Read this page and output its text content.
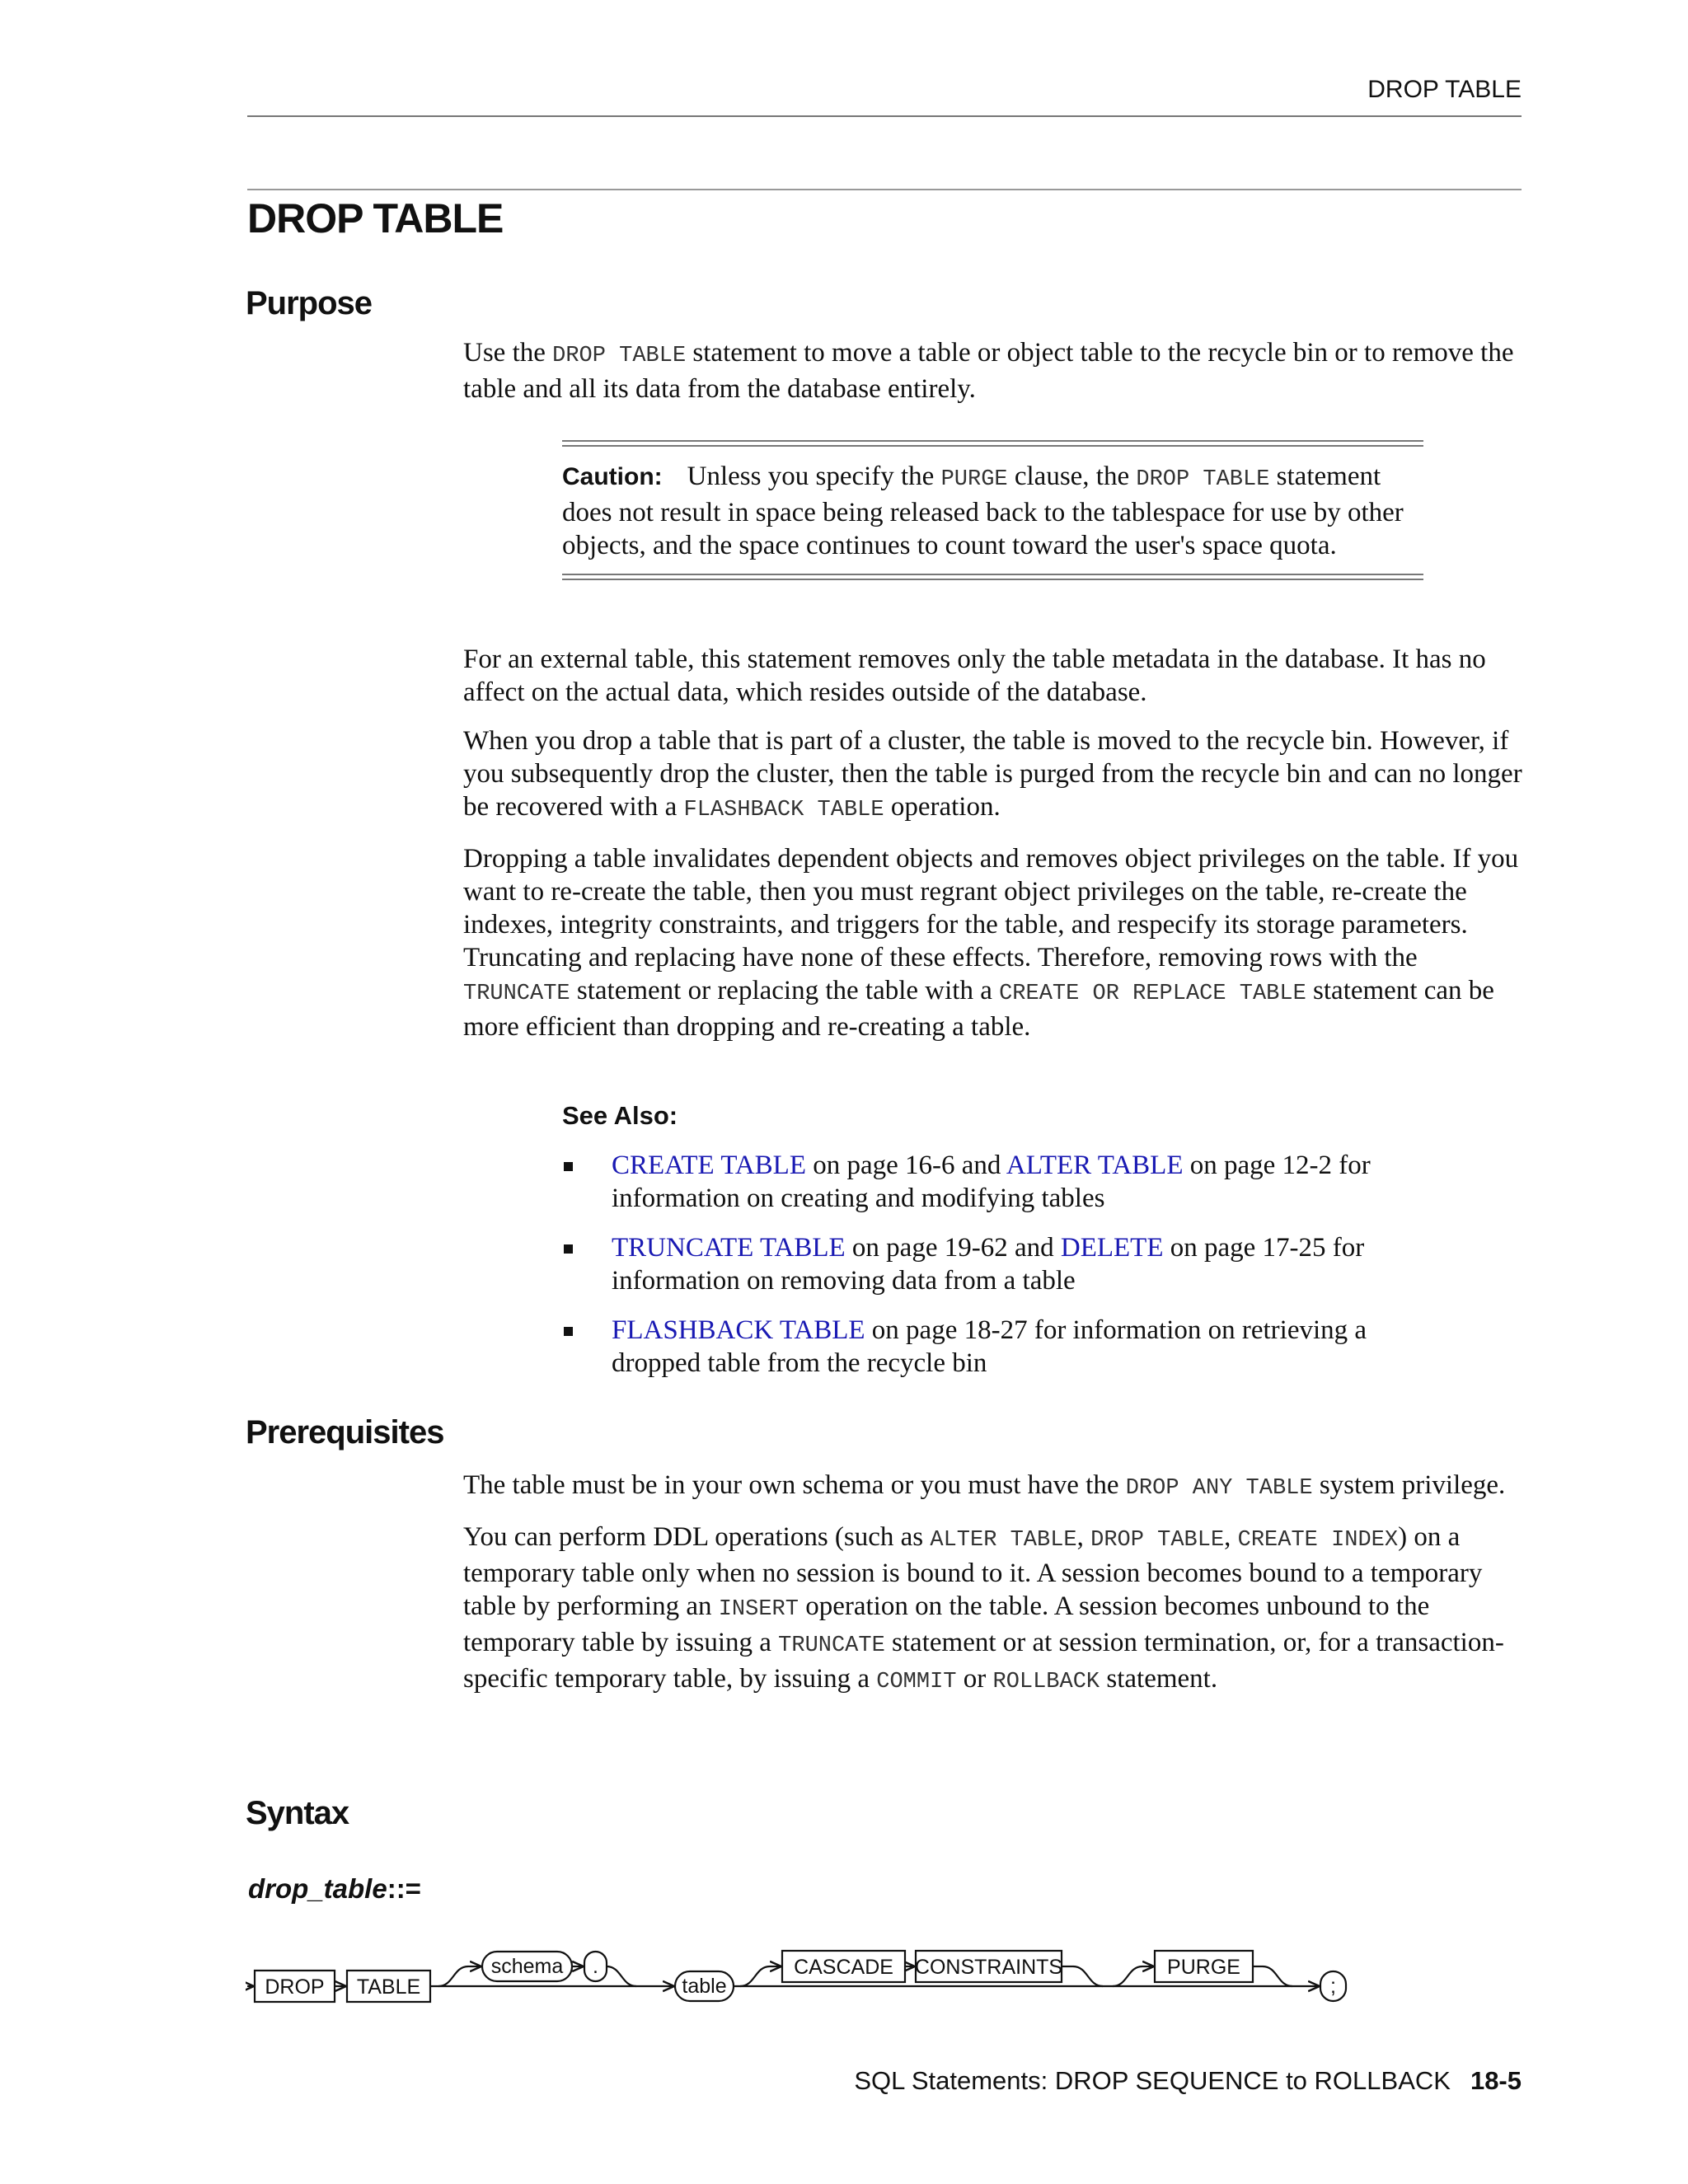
DROP TABLE
DROP TABLE
Purpose

Use the DROP TABLE statement to move a table or object table to the recycle bin or to remove the table and all its data from the database entirely.

Caution: Unless you specify the PURGE clause, the DROP TABLE statement does not result in space being released back to the tablespace for use by other objects, and the space continues to count toward the user's space quota.

For an external table, this statement removes only the table metadata in the database. It has no affect on the actual data, which resides outside of the database.

When you drop a table that is part of a cluster, the table is moved to the recycle bin. However, if you subsequently drop the cluster, then the table is purged from the recycle bin and can no longer be recovered with a FLASHBACK TABLE operation.

Dropping a table invalidates dependent objects and removes object privileges on the table. If you want to re-create the table, then you must regrant object privileges on the table, re-create the indexes, integrity constraints, and triggers for the table, and respecify its storage parameters. Truncating and replacing have none of these effects. Therefore, removing rows with the TRUNCATE statement or replacing the table with a CREATE OR REPLACE TABLE statement can be more efficient than dropping and re-creating a table.

See Also:
CREATE TABLE on page 16-6 and ALTER TABLE on page 12-2 for information on creating and modifying tables
TRUNCATE TABLE on page 19-62 and DELETE on page 17-25 for information on removing data from a table
FLASHBACK TABLE on page 18-27 for information on retrieving a dropped table from the recycle bin
Prerequisites

The table must be in your own schema or you must have the DROP ANY TABLE system privilege.

You can perform DDL operations (such as ALTER TABLE, DROP TABLE, CREATE INDEX) on a temporary table only when no session is bound to it. A session becomes bound to a temporary table by performing an INSERT operation on the table. A session becomes unbound to the temporary table by issuing a TRUNCATE statement or at session termination, or, for a transaction-specific temporary table, by issuing a COMMIT or ROLLBACK statement.

Syntax
drop_table::=
DROP TABLE
schema .
table
CASCADE CONSTRAINTS	PURGE
;
SQL Statements: DROP SEQUENCE to ROLLBACK 18-5
